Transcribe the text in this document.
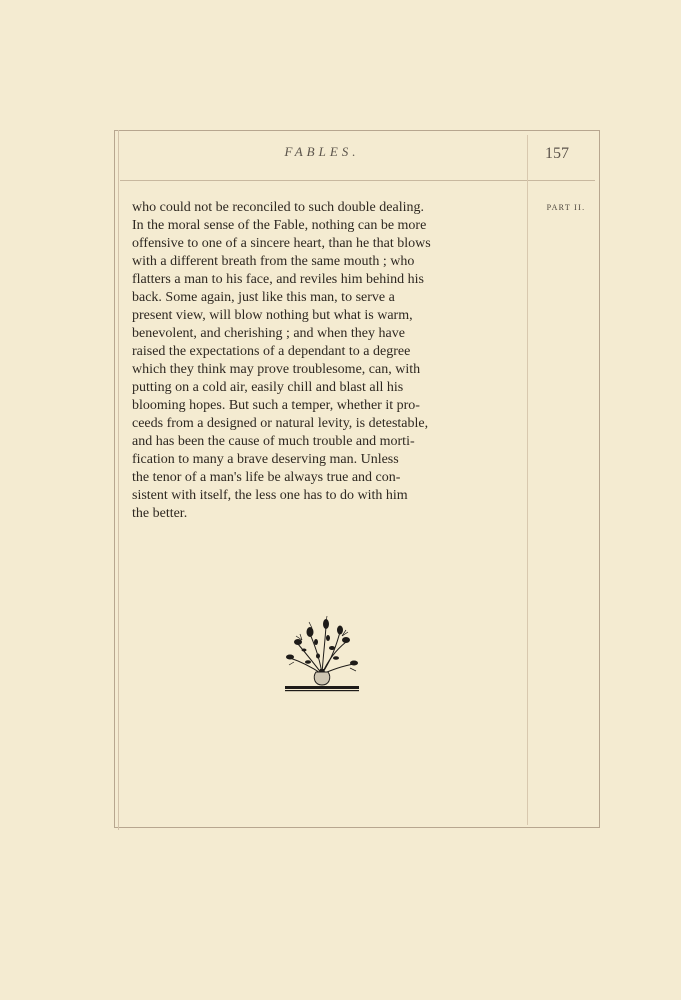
FABLES.	157
PART II.
who could not be reconciled to such double dealing.
In the moral sense of the Fable, nothing can be more
offensive to one of a sincere heart, than he that blows
with a different breath from the same mouth ; who
flatters a man to his face, and reviles him behind his
back. Some again, just like this man, to serve a
present view, will blow nothing but what is warm,
benevolent, and cherishing ; and when they have
raised the expectations of a dependant to a degree
which they think may prove troublesome, can, with
putting on a cold air, easily chill and blast all his
blooming hopes. But such a temper, whether it pro-
ceeds from a designed or natural levity, is detestable,
and has been the cause of much trouble and morti-
fication to many a brave deserving man. Unless
the tenor of a man's life be always true and con-
sistent with itself, the less one has to do with him
the better.
